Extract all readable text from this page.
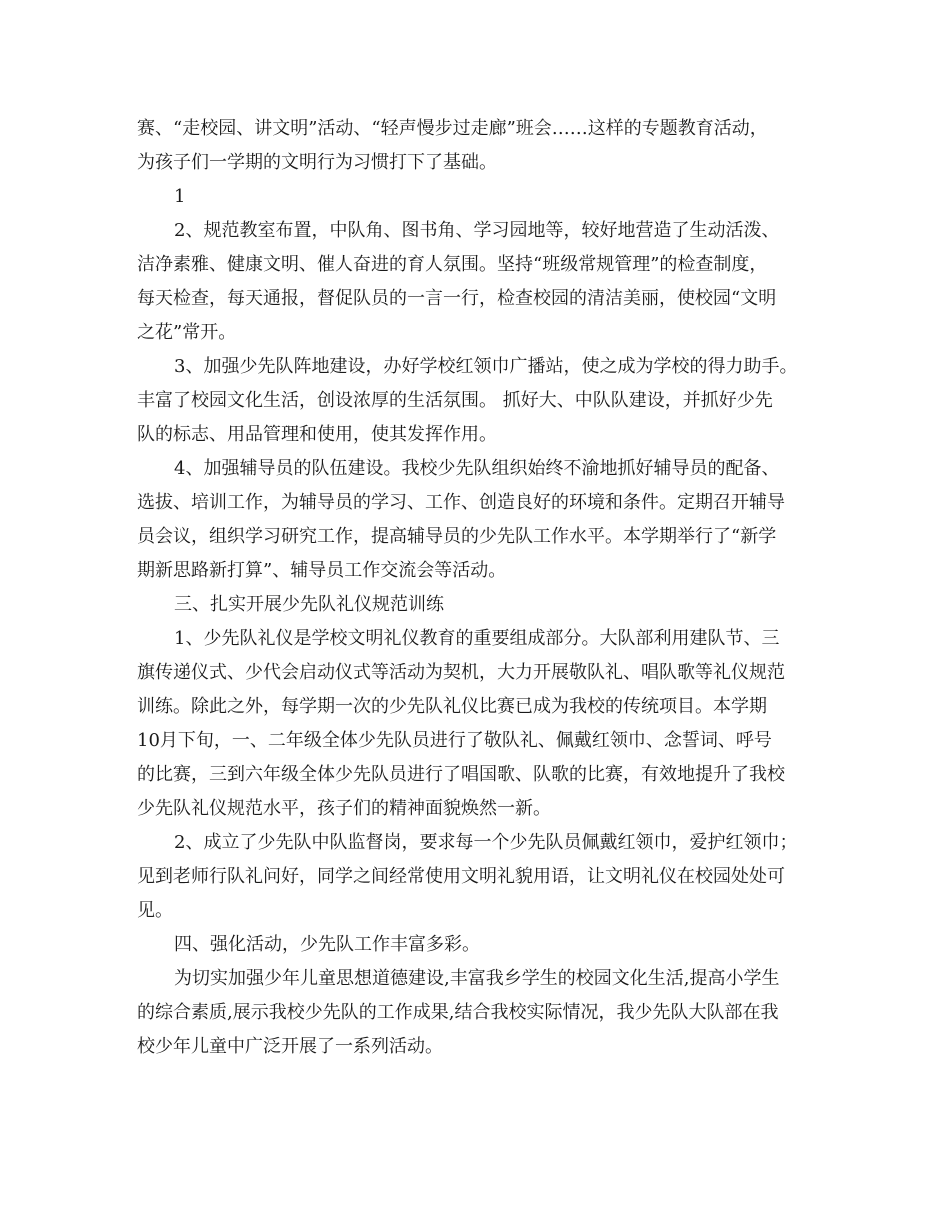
赛、“走校园、讲文明”活动、“轻声慢步过走廊”班会……这样的专题教育活动，
为孩子们一学期的文明行为习惯打下了基础。
1
2、规范教室布置，中队角、图书角、学习园地等，较好地营造了生动活泼、
洁净素雅、健康文明、催人奋进的育人氛围。坚持“班级常规管理”的检查制度，
每天检查，每天通报，督促队员的一言一行，检查校园的清洁美丽，使校园“文明
之花”常开。
3、加强少先队阵地建设，办好学校红领巾广播站，使之成为学校的得力助手。
丰富了校园文化生活，创设浓厚的生活氛围。 抓好大、中队队建设，并抓好少先
队的标志、用品管理和使用，使其发挥作用。
4、加强辅导员的队伍建设。我校少先队组织始终不渝地抓好辅导员的配备、
选拔、培训工作，为辅导员的学习、工作、创造良好的环境和条件。定期召开辅导
员会议，组织学习研究工作，提高辅导员的少先队工作水平。本学期举行了“新学
期新思路新打算”、辅导员工作交流会等活动。
三、扎实开展少先队礼仪规范训练
1、少先队礼仪是学校文明礼仪教育的重要组成部分。大队部利用建队节、三
旗传递仪式、少代会启动仪式等活动为契机，大力开展敬队礼、唱队歌等礼仪规范
训练。除此之外，每学期一次的少先队礼仪比赛已成为我校的传统项目。本学期
10月下旬，一、二年级全体少先队员进行了敬队礼、佩戴红领巾、念誓词、呼号
的比赛，三到六年级全体少先队员进行了唱国歌、队歌的比赛，有效地提升了我校
少先队礼仪规范水平，孩子们的精神面貌焕然一新。
2、成立了少先队中队监督岗，要求每一个少先队员佩戴红领巾，爱护红领巾；
见到老师行队礼问好，同学之间经常使用文明礼貌用语，让文明礼仪在校园处处可
见。
四、强化活动，少先队工作丰富多彩。
为切实加强少年儿童思想道德建设,丰富我乡学生的校园文化生活,提高小学生
的综合素质,展示我校少先队的工作成果,结合我校实际情况，我少先队大队部在我
校少年儿童中广泛开展了一系列活动。
